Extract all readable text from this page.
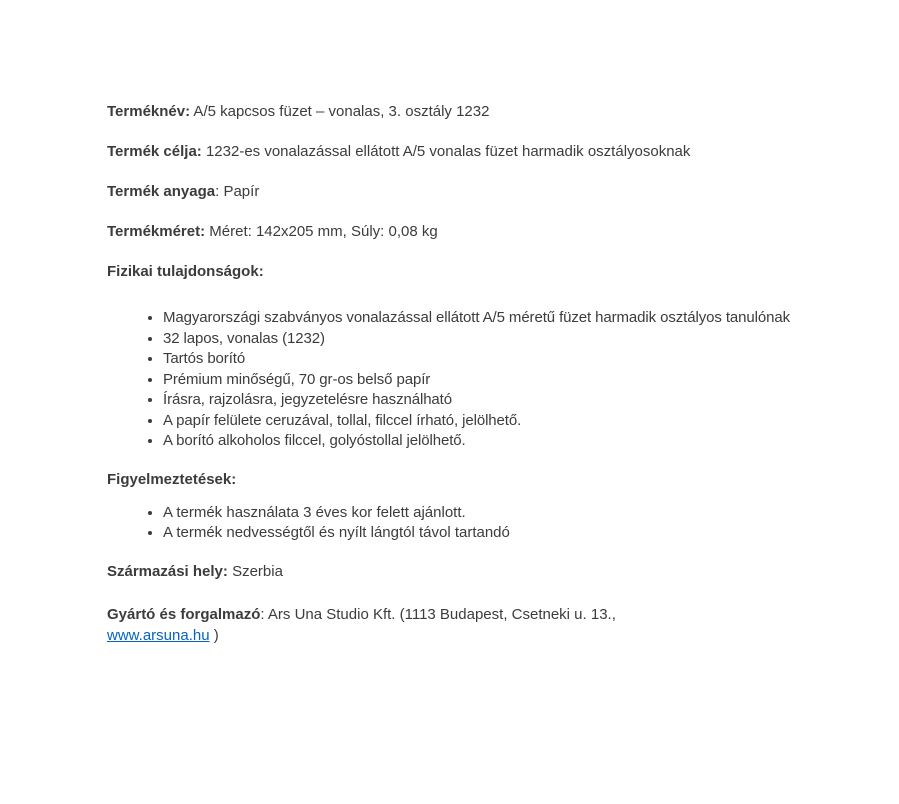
Terméknév: A/5 kapcsos füzet – vonalas, 3. osztály 1232

Termék célja: 1232-es vonalazással ellátott A/5 vonalas füzet harmadik osztályosoknak

Termék anyaga: Papír

Termékméret: Méret: 142x205 mm, Súly: 0,08 kg

Fizikai tulajdonságok:

• Magyarországi szabványos vonalazással ellátott A/5 méretű füzet harmadik osztályos tanulónak
• 32 lapos, vonalas (1232)
• Tartós borító
• Prémium minőségű, 70 gr-os belső papír
• Írásra, rajzolásra, jegyzetelésre használható
• A papír felülete ceruzával, tollal, filccel írható, jelölhető.
• A borító alkoholos filccel, golyóstollal jelölhető.

Figyelmeztetések:

• A termék használata 3 éves kor felett ajánlott.
• A termék nedvességtől és nyílt lángtól távol tartandó

Származási hely: Szerbia

Gyártó és forgalmazó: Ars Una Studio Kft. (1113 Budapest, Csetneki u. 13.,
www.arsuna.hu )
